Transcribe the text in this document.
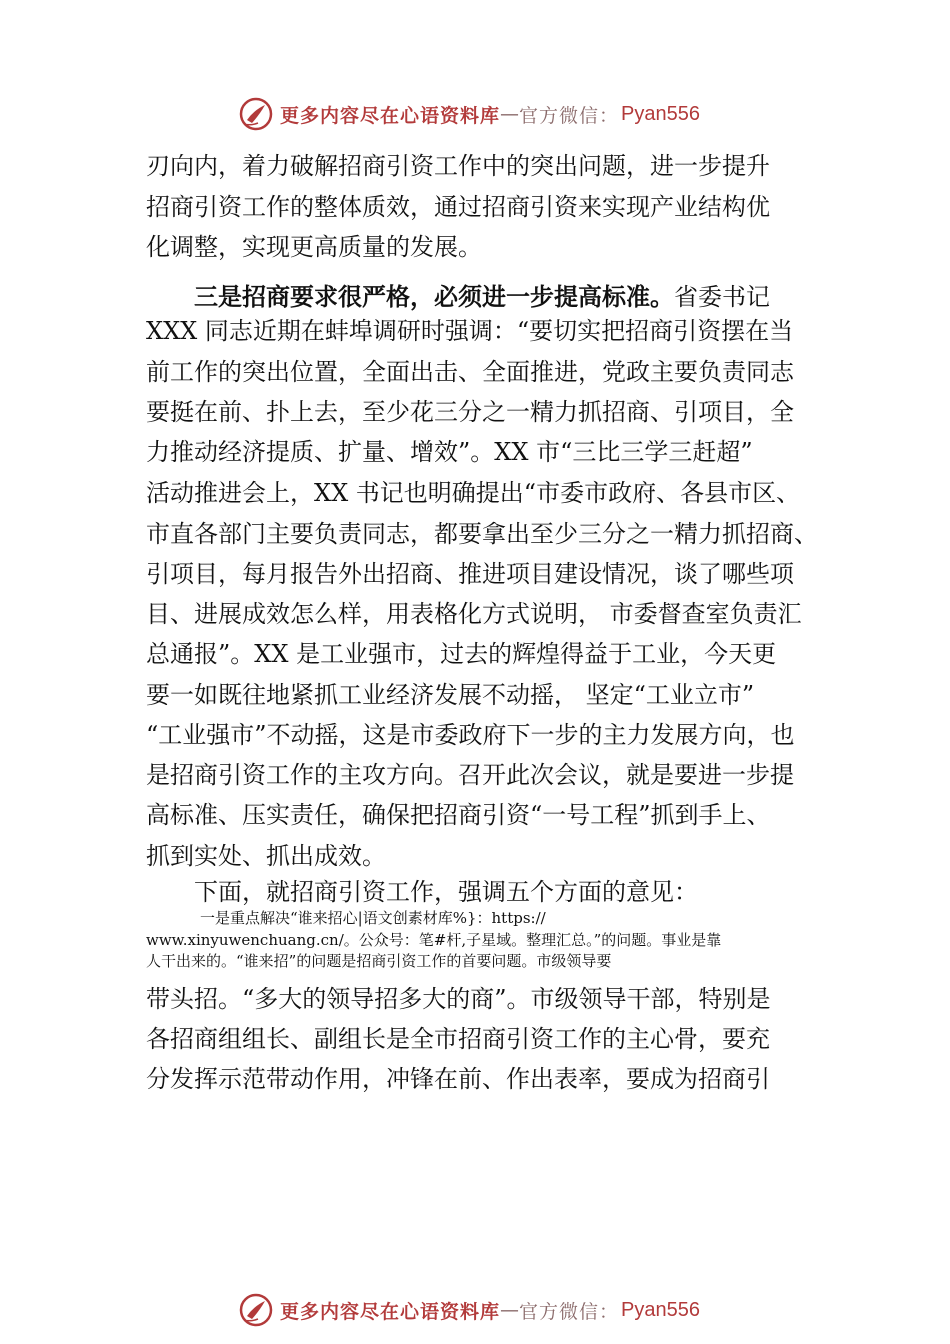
更多内容尽在心语资料库 — 官方微信： Pyan556
刃向内，着力破解招商引资工作中的突出问题，进一步提升
招商引资工作的整体质效，通过招商引资来实现产业结构优
化调整，实现更高质量的发展。
三是招商要求很严格，必须进一步提高标准。省委书记
XXX 同志近期在蚌埠调研时强调：“要切实把招商引资摆在当
前工作的突出位置，全面出击、全面推进，党政主要负责同志
要挺在前、扑上去，至少花三分之一精力抓招商、引项目，全
力推动经济提质、扩量、增效”。XX 市“三比三学三赶超”
活动推进会上，XX 书记也明确提出“市委市政府、各县市区、
市直各部门主要负责同志，都要拿出至少三分之一精力抓招商、
引项目，每月报告外出招商、推进项目建设情况，谈了哪些项
目、进展成效怎么样，用表格化方式说明， 市委督查室负责汇
总通报”。XX 是工业强市，过去的辉煌得益于工业，今天更
要一如既往地紧抓工业经济发展不动摇， 坚定“工业立市”
“工业强市”不动摇，这是市委政府下一步的主力发展方向，也
是招商引资工作的主攻方向。召开此次会议，就是要进一步提
高标准、压实责任，确保把招商引资“一号工程”抓到手上、
抓到实处、抓出成效。
下面，就招商引资工作，强调五个方面的意见：
一是重点解决“谁来招心|语文创素材库%}：https://
www.xinyuwenchuang.cn/。公众号：笔#杆,子星域。整理汇总。”的问题。事业是靠
人干出来的。“谁来招”的问题是招商引资工作的首要问题。市级领导要
带头招。“多大的领导招多大的商”。市级领导干部，特别是
各招商组组长、副组长是全市招商引资工作的主心骨，要充
分发挥示范带动作用，冲锋在前、作出表率，要成为招商引
更多内容尽在心语资料库 — 官方微信： Pyan556
